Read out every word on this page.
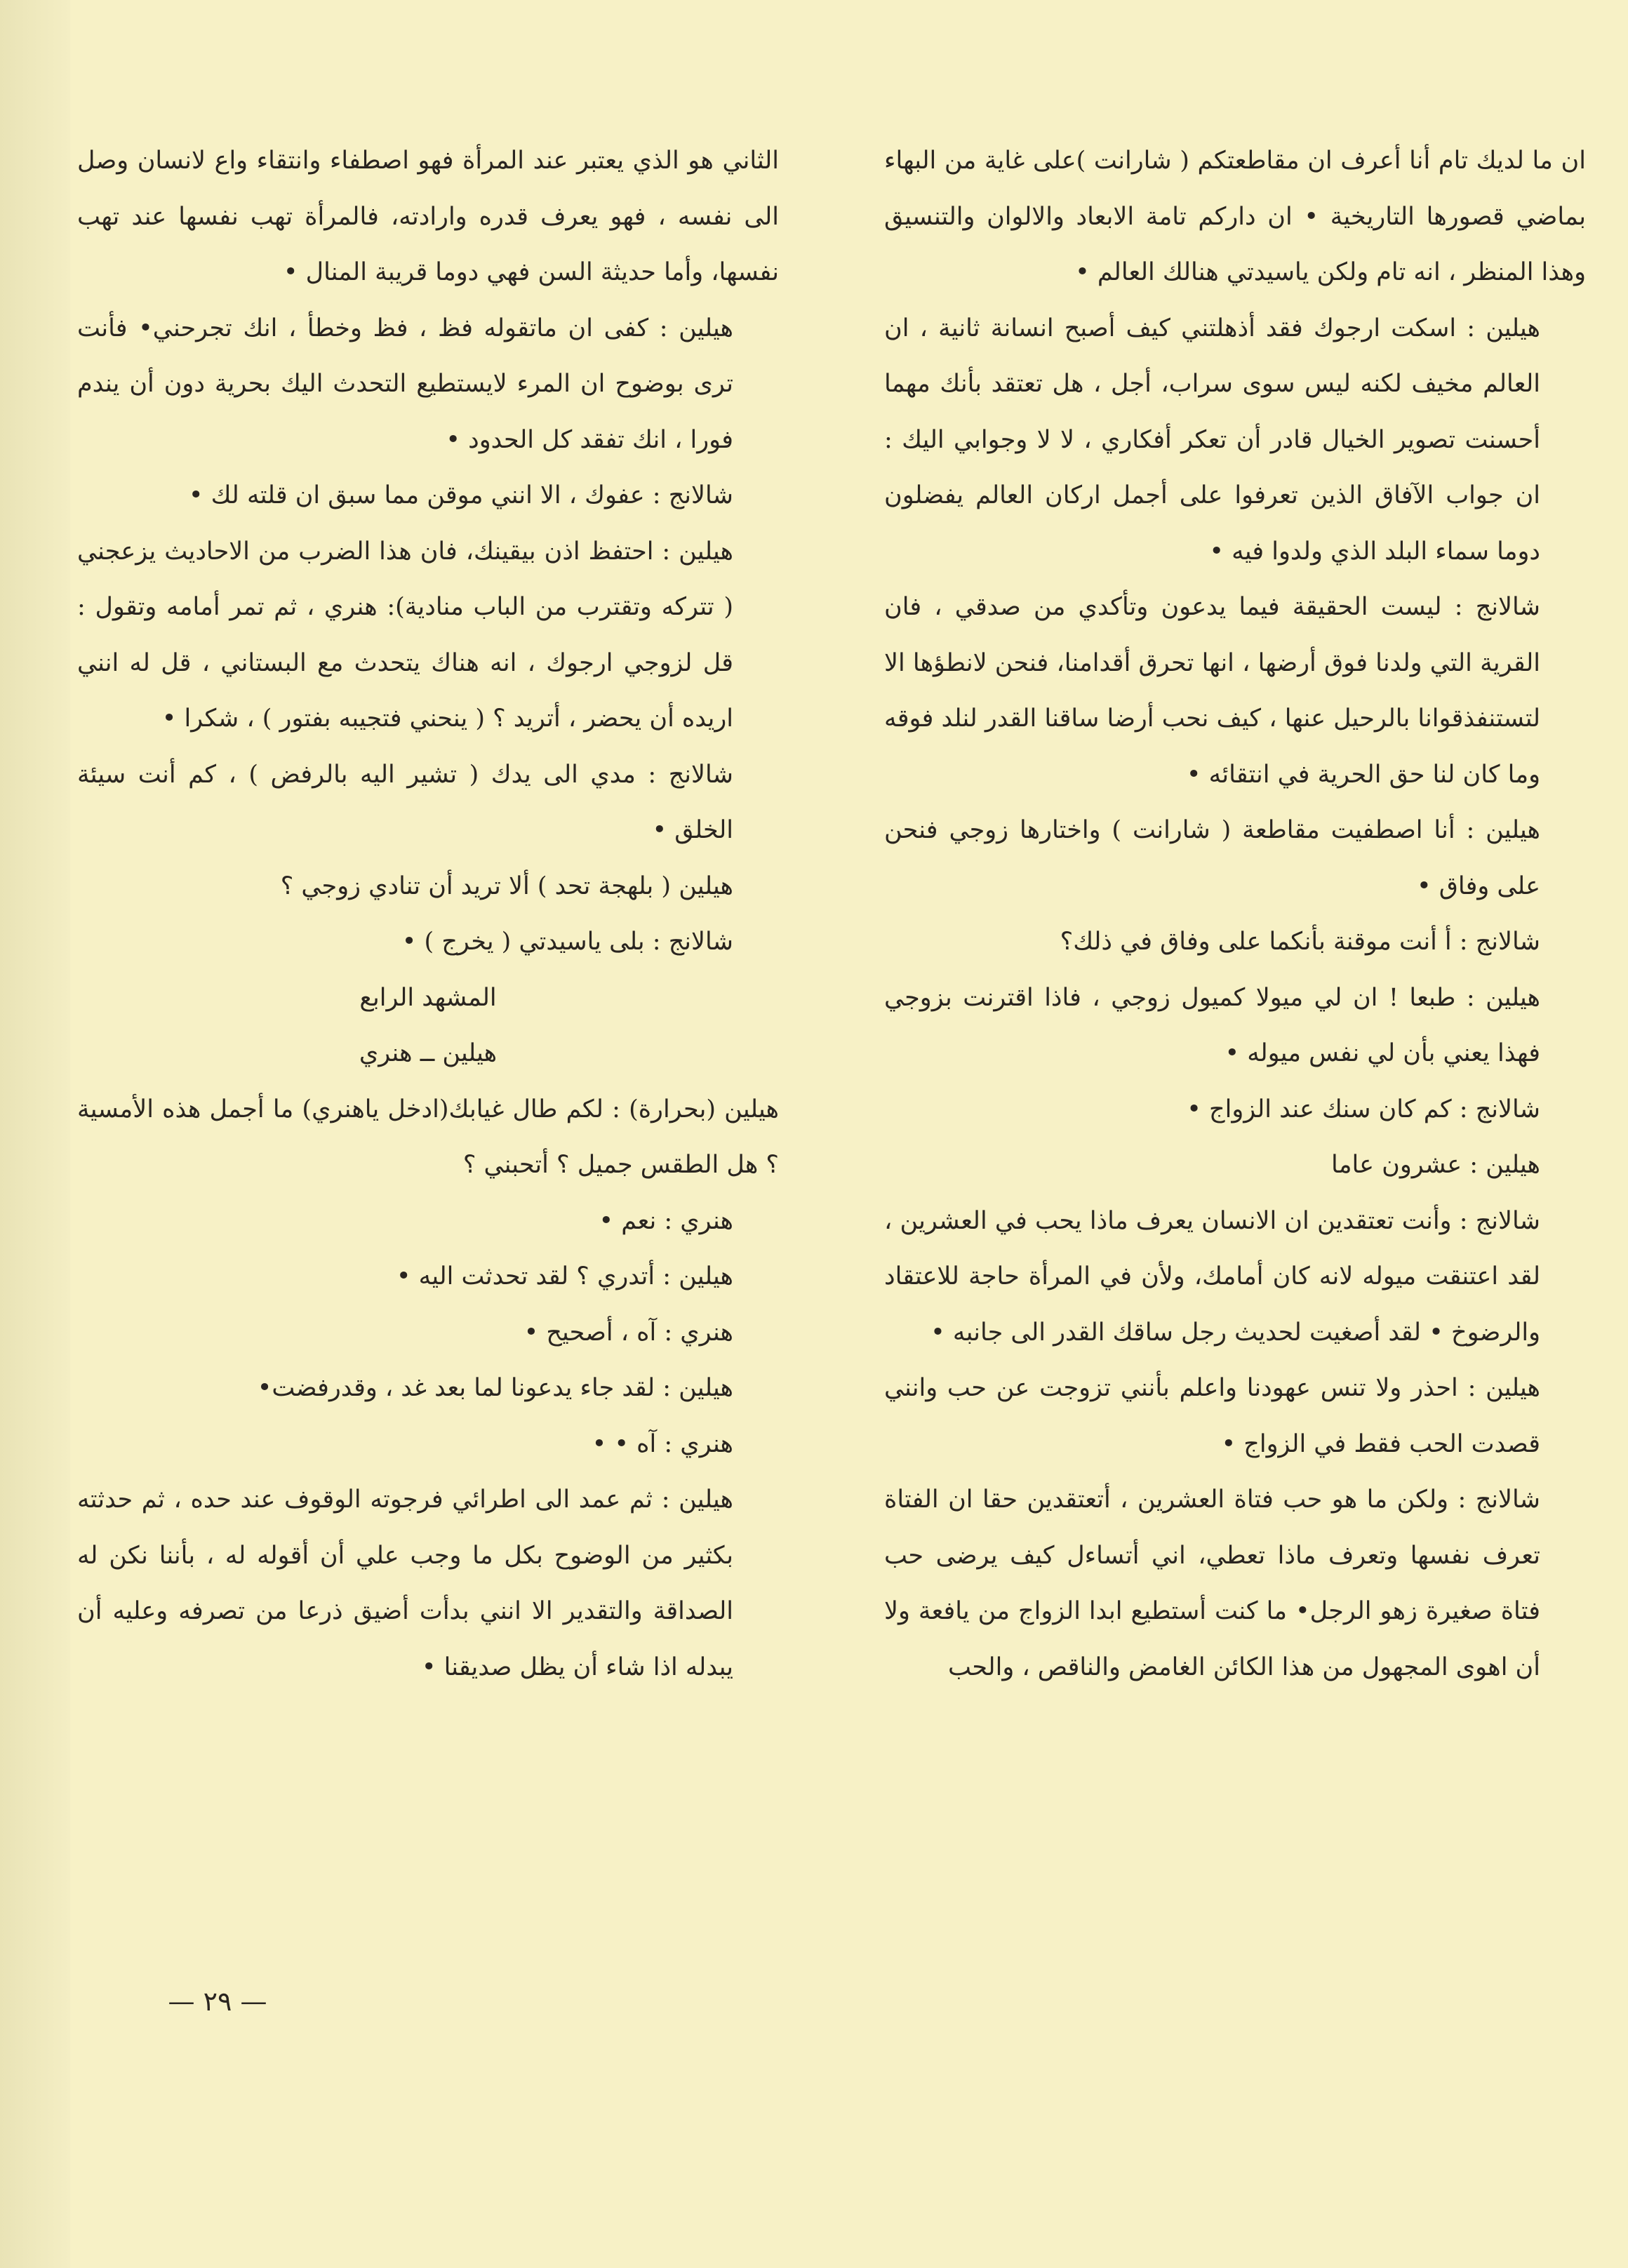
ان ما لديك تام أنا أعرف ان مقاطعتكم ( شارانت )على غاية من البهاء بماضي قصورها التاريخية • ان داركم تامة الابعاد والالوان والتنسيق وهذا المنظر ، انه تام ولكن ياسيدتي هنالك العالم •

هيلين : اسكت ارجوك فقد أذهلتني كيف أصبح انسانة ثانية ، ان العالم مخيف لكنه ليس سوى سراب، أجل ، هل تعتقد بأنك مهما أحسنت تصوير الخيال قادر أن تعكر أفكاري ، لا لا وجوابي اليك : ان جواب الآفاق الذين تعرفوا على أجمل اركان العالم يفضلون دوما سماء البلد الذي ولدوا فيه •

شالانج : ليست الحقيقة فيما يدعون وتأكدي من صدقي ، فان القرية التي ولدنا فوق أرضها ، انها تحرق أقدامنا، فنحن لانطؤها الا لتستنفذقوانا بالرحيل عنها ، كيف نحب أرضا ساقنا القدر لنلد فوقه وما كان لنا حق الحرية في انتقائه •

هيلين : أنا اصطفيت مقاطعة ( شارانت ) واختارها زوجي فنحن على وفاق •

شالانج : أ أنت موقنة بأنكما على وفاق في ذلك؟

هيلين : طبعا ! ان لي ميولا كميول زوجي ، فاذا اقترنت بزوجي فهذا يعني بأن لي نفس ميوله •

شالانج : كم كان سنك عند الزواج •

هيلين : عشرون عاما

شالانج : وأنت تعتقدين ان الانسان يعرف ماذا يحب في العشرين ، لقد اعتنقت ميوله لانه كان أمامك، ولأن في المرأة حاجة للاعتقاد والرضوخ • لقد أصغيت لحديث رجل ساقك القدر الى جانبه •

هيلين : احذر ولا تنس عهودنا واعلم بأنني تزوجت عن حب وانني قصدت الحب فقط في الزواج •

شالانج : ولكن ما هو حب فتاة العشرين ، أتعتقدين حقا ان الفتاة تعرف نفسها وتعرف ماذا تعطي، اني أتساءل كيف يرضى حب فتاة صغيرة زهو الرجل• ما كنت أستطيع ابدا الزواج من يافعة ولا أن اهوى المجهول من هذا الكائن الغامض والناقص ، والحب

الثاني هو الذي يعتبر عند المرأة فهو اصطفاء وانتقاء واع لانسان وصل الى نفسه ، فهو يعرف قدره وارادته، فالمرأة تهب نفسها عند تهب نفسها، وأما حديثة السن فهي دوما قريبة المنال •

هيلين : كفى ان ماتقوله فظ ، فظ وخطأ ، انك تجرحني• فأنت ترى بوضوح ان المرء لايستطيع التحدث اليك بحرية دون أن يندم فورا ، انك تفقد كل الحدود •

شالانج : عفوك ، الا انني موقن مما سبق ان قلته لك •

هيلين : احتفظ اذن بيقينك، فان هذا الضرب من الاحاديث يزعجني ( تتركه وتقترب من الباب منادية): هنري ، ثم تمر أمامه وتقول : قل لزوجي ارجوك ، انه هناك يتحدث مع البستاني ، قل له انني اريده أن يحضر ، أتريد ؟ ( ينحني فتجيبه بفتور ) ، شكرا •

شالانج : مدي الى يدك ( تشير اليه بالرفض ) ، كم أنت سيئة الخلق •

هيلين ( بلهجة تحد ) ألا تريد أن تنادي زوجي ؟

شالانج : بلى ياسيدتي ( يخرج ) •

المشهد الرابع

هيلين ــ هنري

هيلين (بحرارة) : لكم طال غيابك(ادخل ياهنري) ما أجمل هذه الأمسية ؟ هل الطقس جميل ؟ أتحبني ؟

هنري : نعم •

هيلين : أتدري ؟ لقد تحدثت اليه •

هنري : آه ، أصحيح •

هيلين : لقد جاء يدعونا لما بعد غد ، وقدرفضت•

هنري : آه • •

هيلين : ثم عمد الى اطرائي فرجوته الوقوف عند حده ، ثم حدثته بكثير من الوضوح بكل ما وجب علي أن أقوله له ، بأننا نكن له الصداقة والتقدير الا انني بدأت أضيق ذرعا من تصرفه وعليه أن يبدله اذا شاء أن يظل صديقنا •

— ٢٩ —
